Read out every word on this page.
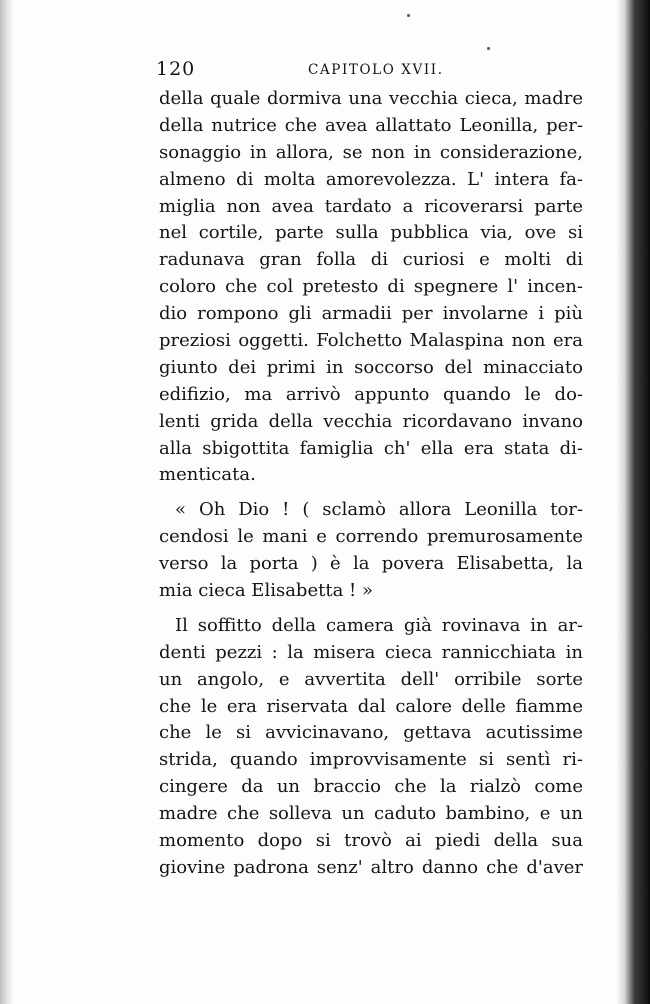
120	CAPITOLO XVII.
della quale dormiva una vecchia cieca, madre
della nutrice che avea allattato Leonilla, per-
sonaggio in allora, se non in considerazione,
almeno di molta amorevolezza. L' intera fa-
miglia non avea tardato a ricoverarsi parte
nel cortile, parte sulla pubblica via, ove si
radunava gran folla di curiosi e molti di
coloro che col pretesto di spegnere l' incen-
dio rompono gli armadii per involarne i più
preziosi oggetti. Folchetto Malaspina non era
giunto dei primi in soccorso del minacciato
edifizio, ma arrivò appunto quando le do-
lenti grida della vecchia ricordavano invano
alla sbigottita famiglia ch' ella era stata di-
menticata.
« Oh Dio ! ( sclamò allora Leonilla tor-
cendosi le mani e correndo premurosamente
verso la porta ) è la povera Elisabetta, la
mia cieca Elisabetta ! »
Il soffitto della camera già rovinava in ar-
denti pezzi : la misera cieca rannicchiata in
un angolo, e avvertita dell' orribile sorte
che le era riservata dal calore delle fiamme
che le si avvicinavano, gettava acutissime
strida, quando improvvisamente si sentì ri-
cingere da un braccio che la rialzò come
madre che solleva un caduto bambino, e un
momento dopo si trovò ai piedi della sua
giovine padrona senz' altro danno che d'aver
